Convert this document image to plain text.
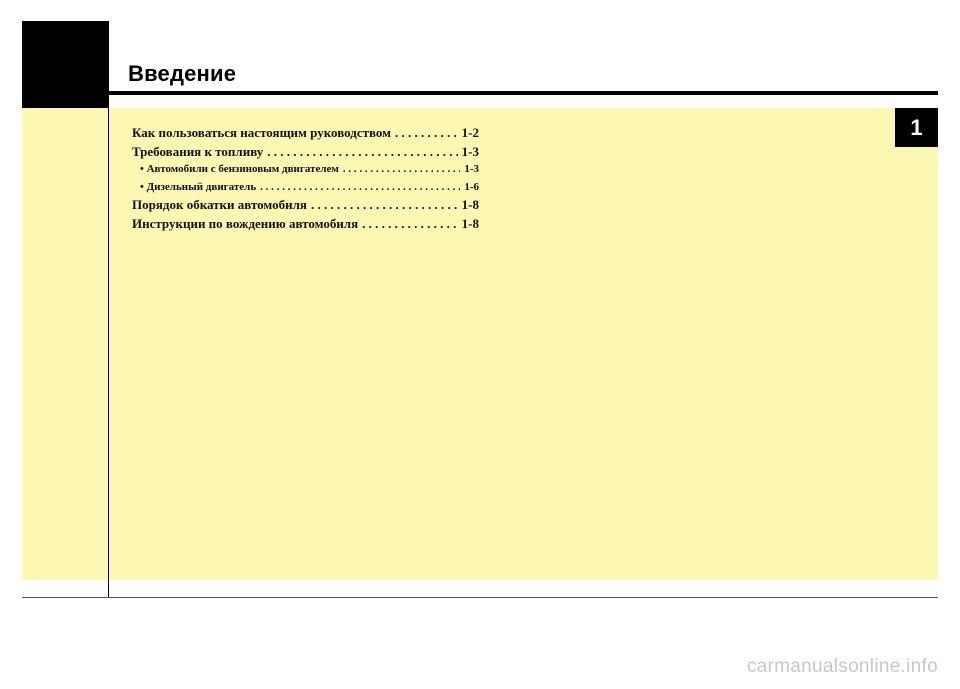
Введение
1
Как пользоваться настоящим руководством . . .	1-2
Требования к топливу . . .	1-3
• Автомобили с бензиновым двигателем . . .	1-3
• Дизельный двигатель . . .	1-6
Порядок обкатки автомобиля . . .	1-8
Инструкции по вождению автомобиля . . .	1-8
carmanualsonline.info
